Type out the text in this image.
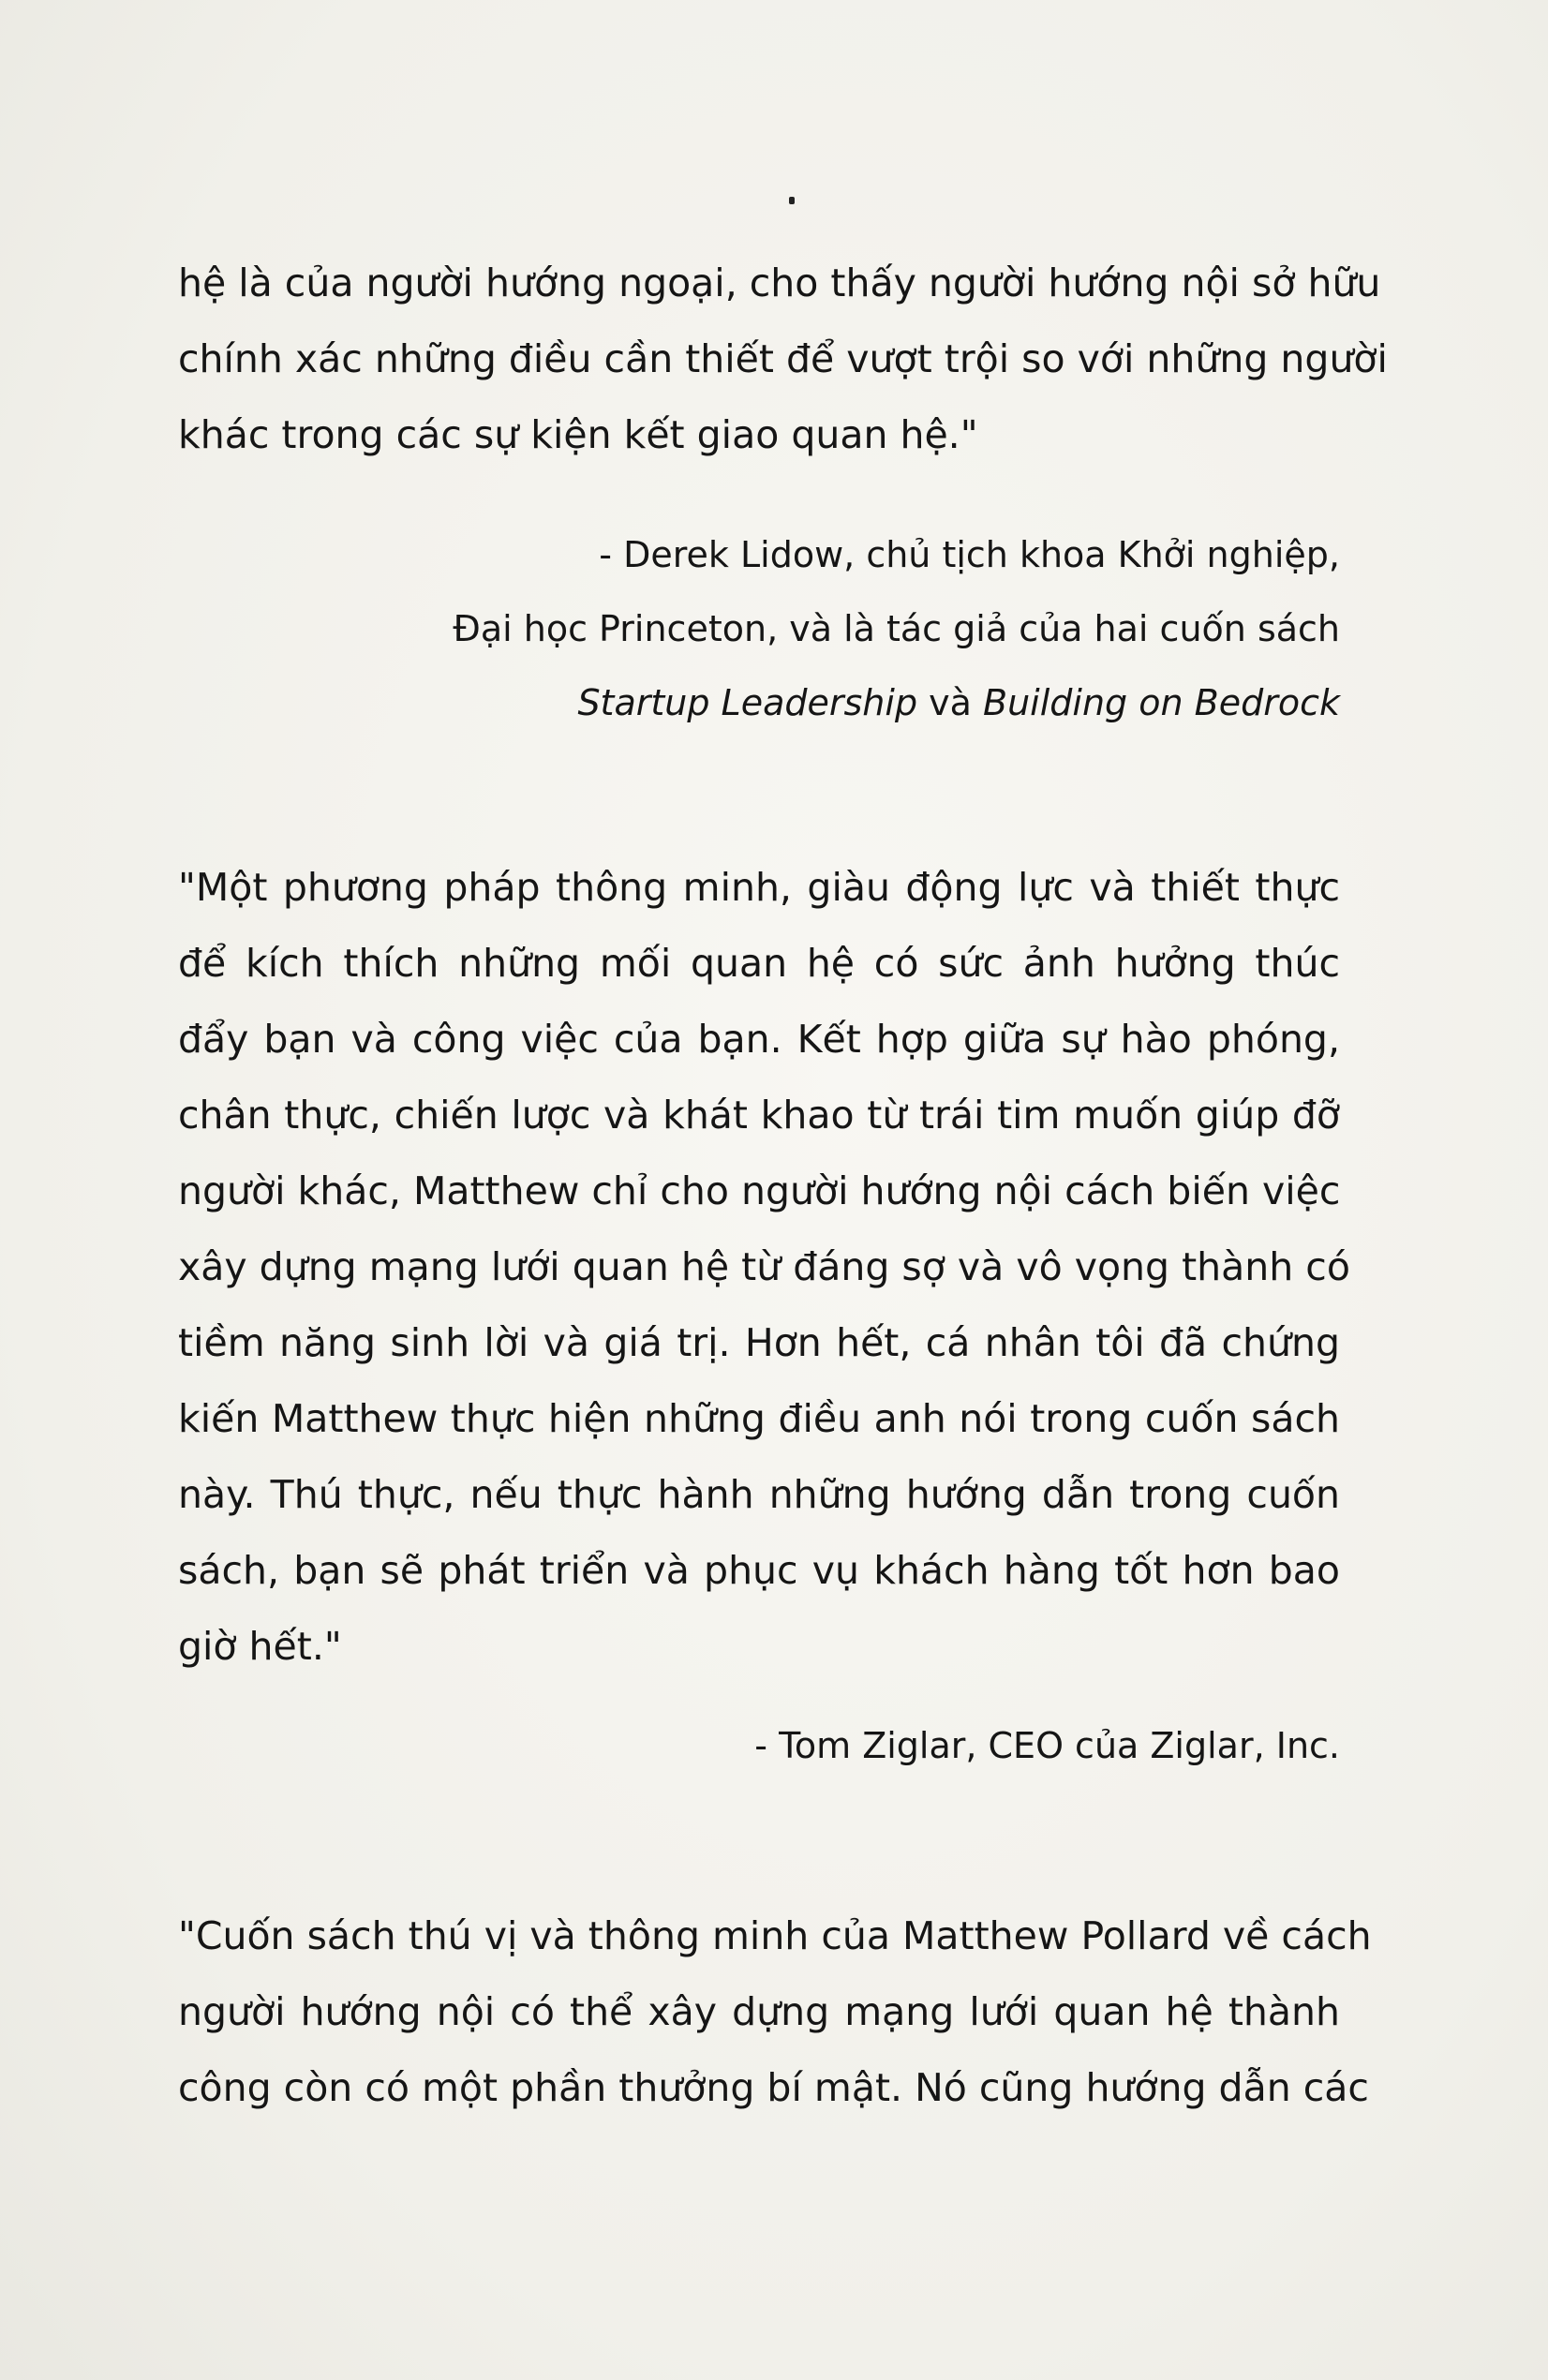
hệ là của người hướng ngoại, cho thấy người hướng nội sở hữu
chính xác những điều cần thiết để vượt trội so với những người
khác trong các sự kiện kết giao quan hệ."
- Derek Lidow, chủ tịch khoa Khởi nghiệp,
Đại học Princeton, và là tác giả của hai cuốn sách
Startup Leadership và Building on Bedrock
"Một phương pháp thông minh, giàu động lực và thiết thực
để kích thích những mối quan hệ có sức ảnh hưởng thúc
đẩy bạn và công việc của bạn. Kết hợp giữa sự hào phóng,
chân thực, chiến lược và khát khao từ trái tim muốn giúp đỡ
người khác, Matthew chỉ cho người hướng nội cách biến việc
xây dựng mạng lưới quan hệ từ đáng sợ và vô vọng thành có
tiềm năng sinh lời và giá trị. Hơn hết, cá nhân tôi đã chứng
kiến Matthew thực hiện những điều anh nói trong cuốn sách
này. Thú thực, nếu thực hành những hướng dẫn trong cuốn
sách, bạn sẽ phát triển và phục vụ khách hàng tốt hơn bao
giờ hết."
- Tom Ziglar, CEO của Ziglar, Inc.
"Cuốn sách thú vị và thông minh của Matthew Pollard về cách
người hướng nội có thể xây dựng mạng lưới quan hệ thành
công còn có một phần thưởng bí mật. Nó cũng hướng dẫn các
